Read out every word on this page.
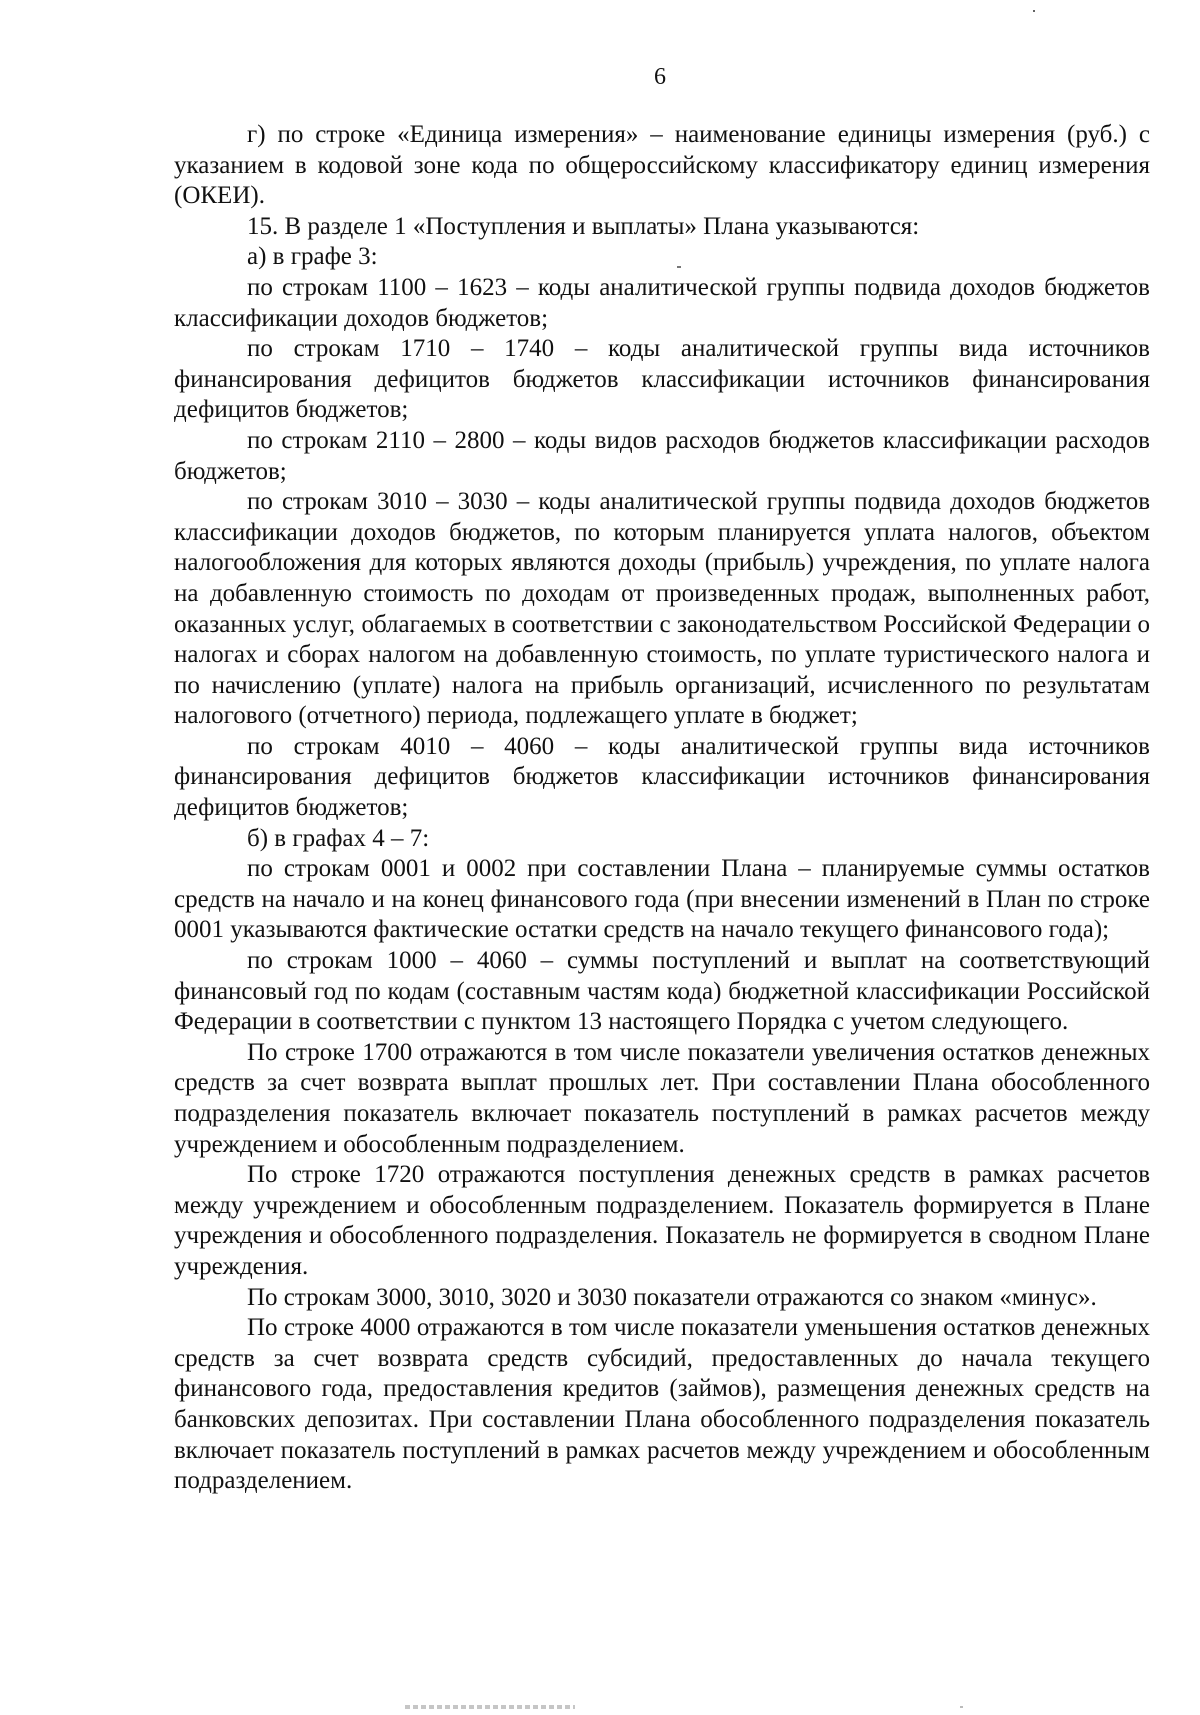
6

г) по строке «Единица измерения» – наименование единицы измерения (руб.) с указанием в кодовой зоне кода по общероссийскому классификатору единиц измерения (ОКЕИ).

15. В разделе 1 «Поступления и выплаты» Плана указываются:

а) в графе 3:

по строкам 1100 – 1623 – коды аналитической группы подвида доходов бюджетов классификации доходов бюджетов;

по строкам 1710 – 1740 – коды аналитической группы вида источников финансирования дефицитов бюджетов классификации источников финансирования дефицитов бюджетов;

по строкам 2110 – 2800 – коды видов расходов бюджетов классификации расходов бюджетов;

по строкам 3010 – 3030 – коды аналитической группы подвида доходов бюджетов классификации доходов бюджетов, по которым планируется уплата налогов, объектом налогообложения для которых являются доходы (прибыль) учреждения, по уплате налога на добавленную стоимость по доходам от произведенных продаж, выполненных работ, оказанных услуг, облагаемых в соответствии с законодательством Российской Федерации о налогах и сборах налогом на добавленную стоимость, по уплате туристического налога и по начислению (уплате) налога на прибыль организаций, исчисленного по результатам налогового (отчетного) периода, подлежащего уплате в бюджет;

по строкам 4010 – 4060 – коды аналитической группы вида источников финансирования дефицитов бюджетов классификации источников финансирования дефицитов бюджетов;

б) в графах 4 – 7:

по строкам 0001 и 0002 при составлении Плана – планируемые суммы остатков средств на начало и на конец финансового года (при внесении изменений в План по строке 0001 указываются фактические остатки средств на начало текущего финансового года);

по строкам 1000 – 4060 – суммы поступлений и выплат на соответствующий финансовый год по кодам (составным частям кода) бюджетной классификации Российской Федерации в соответствии с пунктом 13 настоящего Порядка с учетом следующего.

По строке 1700 отражаются в том числе показатели увеличения остатков денежных средств за счет возврата выплат прошлых лет. При составлении Плана обособленного подразделения показатель включает показатель поступлений в рамках расчетов между учреждением и обособленным подразделением.

По строке 1720 отражаются поступления денежных средств в рамках расчетов между учреждением и обособленным подразделением. Показатель формируется в Плане учреждения и обособленного подразделения. Показатель не формируется в сводном Плане учреждения.

По строкам 3000, 3010, 3020 и 3030 показатели отражаются со знаком «минус».

По строке 4000 отражаются в том числе показатели уменьшения остатков денежных средств за счет возврата средств субсидий, предоставленных до начала текущего финансового года, предоставления кредитов (займов), размещения денежных средств на банковских депозитах. При составлении Плана обособленного подразделения показатель включает показатель поступлений в рамках расчетов между учреждением и обособленным подразделением.
